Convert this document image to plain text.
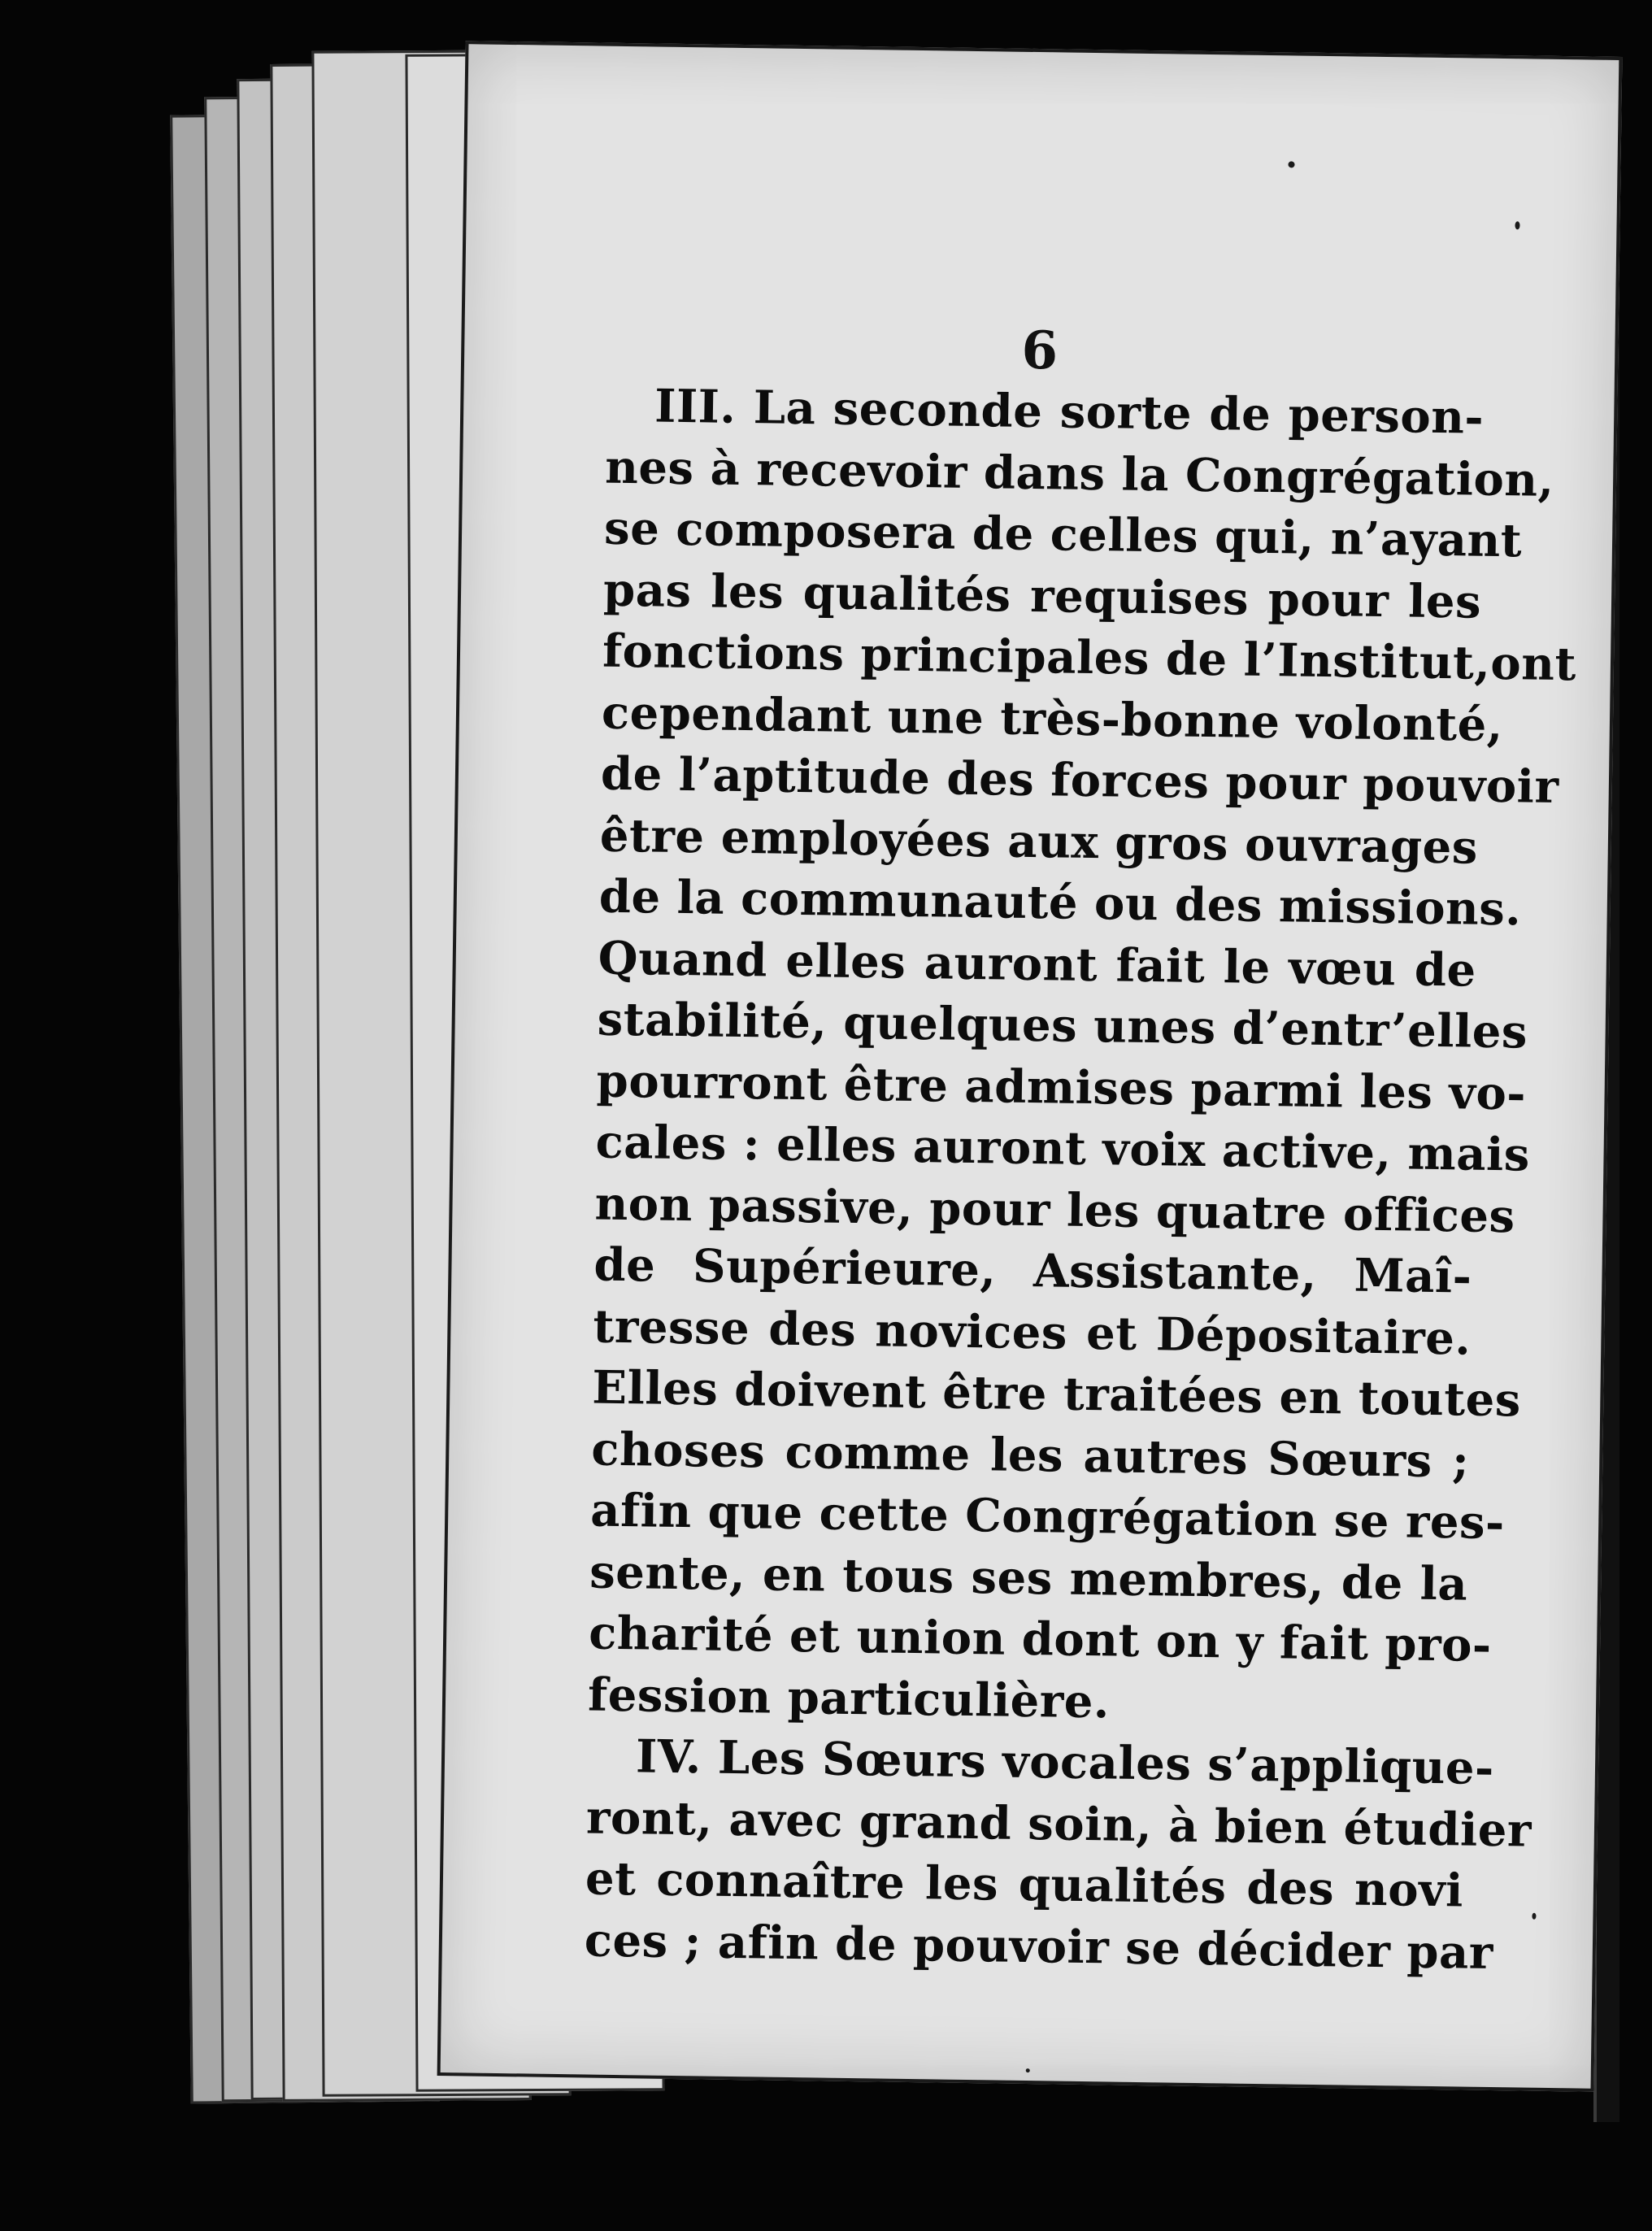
6
III. La seconde sorte de person-
nes à recevoir dans la Congrégation,
se composera de celles qui, n’ayant
pas les qualités requises pour les
fonctions principales de l’Institut,ont
cependant une très-bonne volonté,
de l’aptitude des forces pour pouvoir
être employées aux gros ouvrages
de la communauté ou des missions.
Quand elles auront fait le vœu de
stabilité, quelques unes d’entr’elles
pourront être admises parmi les vo-
cales : elles auront voix active, mais
non passive, pour les quatre offices
de Supérieure, Assistante, Maî-
tresse des novices et Dépositaire.
Elles doivent être traitées en toutes
choses comme les autres Sœurs ;
afin que cette Congrégation se res-
sente, en tous ses membres, de la
charité et union dont on y fait pro-
fession particulière.
IV. Les Sœurs vocales s’applique-
ront, avec grand soin, à bien étudier
et connaître les qualités des novi
ces ; afin de pouvoir se décider par
